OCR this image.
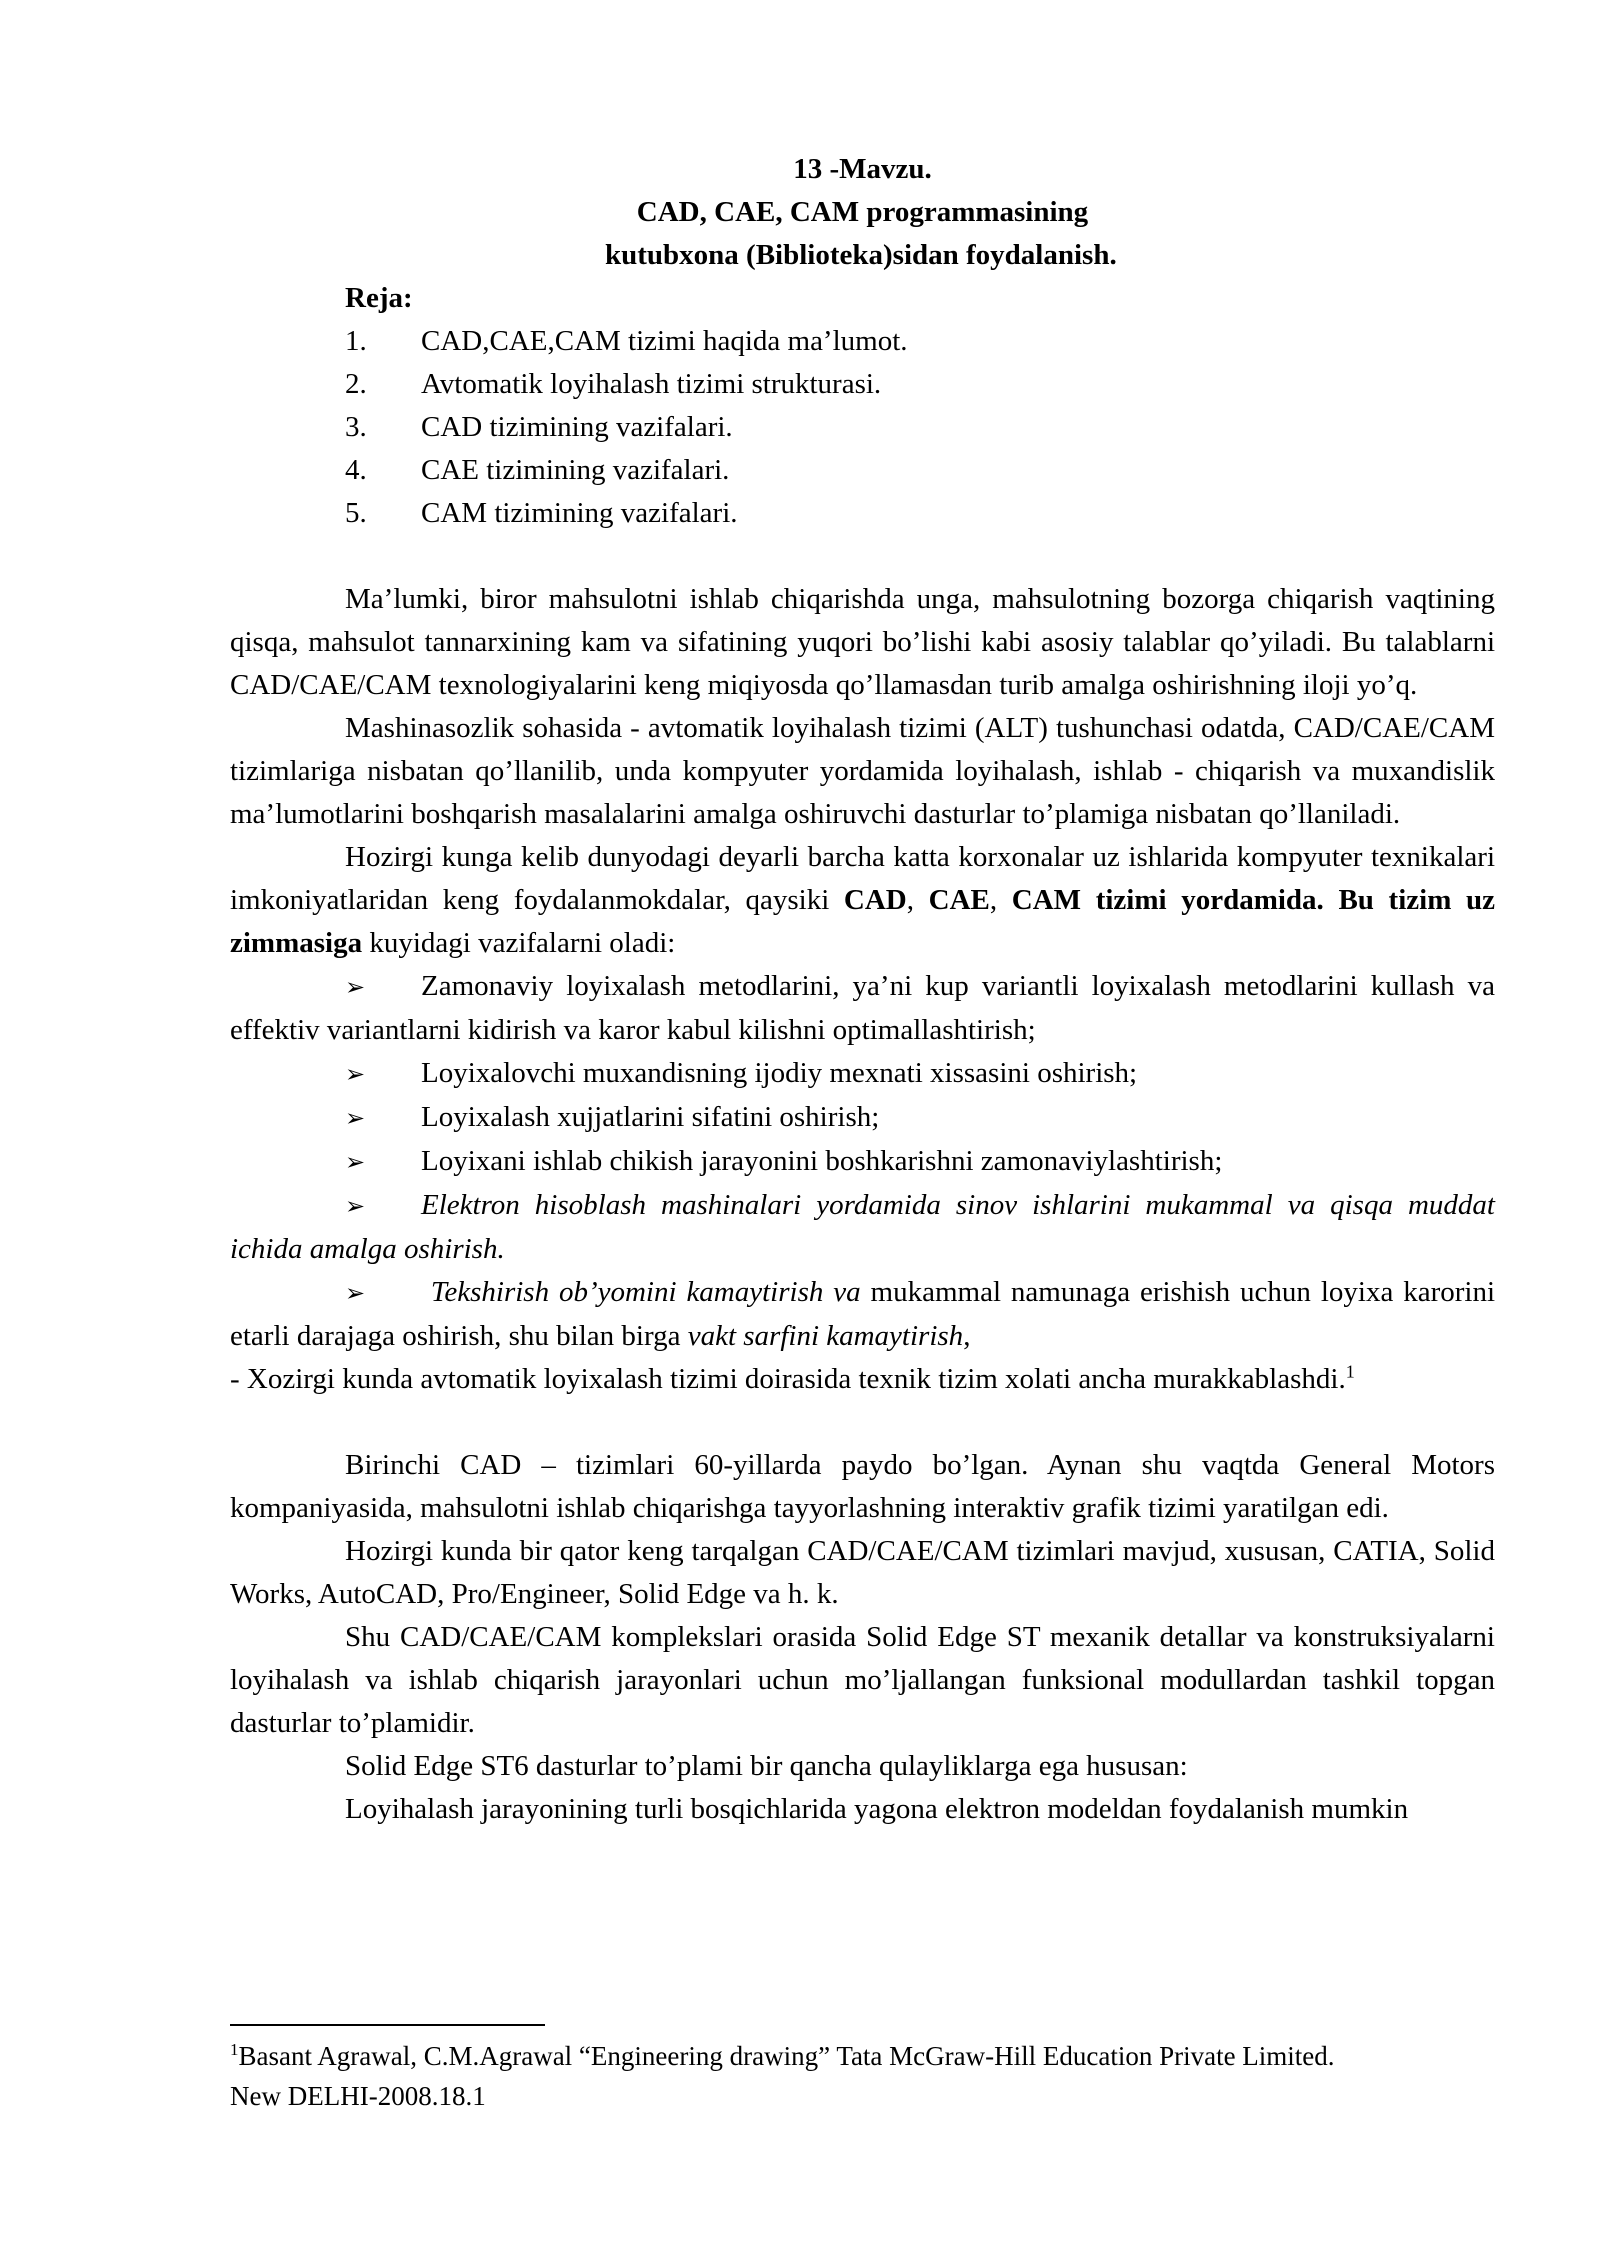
13 -Mavzu.
CAD, CAE, CAM programmasining
kutubxona (Biblioteka)sidan foydalanish.

Reja:

1.	CAD,CAE,CAM tizimi haqida ma’lumot.
2.	Avtomatik loyihalash tizimi strukturasi.
3.	CAD tizimining vazifalari.
4.	CAE tizimining vazifalari.
5.	CAM tizimining vazifalari.

Ma’lumki, biror mahsulotni ishlab chiqarishda unga, mahsulotning bozorga chiqarish vaqtining qisqa, mahsulot tannarxining kam va sifatining yuqori bo’lishi kabi asosiy talablar qo’yiladi. Bu talablarni CAD/CAE/CAM texnologiyalarini keng miqiyosda qo’llamasdan turib amalga oshirishning iloji yo’q.

Mashinasozlik sohasida - avtomatik loyihalash tizimi (ALT) tushunchasi odatda, CAD/CAE/CAM tizimlariga nisbatan qo’llanilib, unda kompyuter yordamida loyihalash, ishlab - chiqarish va muxandislik ma’lumotlarini boshqarish masalalarini amalga oshiruvchi dasturlar to’plamiga nisbatan qo’llaniladi.

Hozirgi kunga kelib dunyodagi deyarli barcha katta korxonalar uz ishlarida kompyuter texnikalari imkoniyatlaridan keng foydalanmokdalar, qaysiki CAD, CAE, CAM tizimi yordamida. Bu tizim uz zimmasiga kuyidagi vazifalarni oladi:

➢ Zamonaviy loyixalash metodlarini, ya’ni kup variantli loyixalash metodlarini kullash va effektiv variantlarni kidirish va karor kabul kilishni optimallashtirish;

➢ Loyixalovchi muxandisning ijodiy mexnati xissasini oshirish;

➢ Loyixalash xujjatlarini sifatini oshirish;

➢ Loyixani ishlab chikish jarayonini boshkarishni zamonaviylashtirish;

➢ Elektron hisoblash mashinalari yordamida sinov ishlarini mukammal va qisqa muddat ichida amalga oshirish.

➢ Tekshirish ob’yomini kamaytirish va mukammal namunaga erishish uchun loyixa karorini etarli darajaga oshirish, shu bilan birga vakt sarfini kamaytirish,

- Xozirgi kunda avtomatik loyixalash tizimi doirasida texnik tizim xolati ancha murakkablashdi.$^1$

Birinchi CAD – tizimlari 60-yillarda paydo bo’lgan. Aynan shu vaqtda General Motors kompaniyasida, mahsulotni ishlab chiqarishga tayyorlashning interaktiv grafik tizimi yaratilgan edi.

Hozirgi kunda bir qator keng tarqalgan CAD/CAE/CAM tizimlari mavjud, xususan, CATIA, Solid Works, AutoCAD, Pro/Engineer, Solid Edge va h. k.

Shu CAD/CAE/CAM komplekslari orasida Solid Edge ST mexanik detallar va konstruksiyalarni loyihalash va ishlab chiqarish jarayonlari uchun mo’ljallangan funksional modullardan tashkil topgan dasturlar to’plamidir.

Solid Edge ST6 dasturlar to’plami bir qancha qulayliklarga ega hususan:

Loyihalash jarayonining turli bosqichlarida yagona elektron modeldan foydalanish mumkin

$^1$Basant Agrawal, C.M.Agrawal “Engineering drawing” Tata McGraw-Hill Education Private Limited.
New DELHI-2008.18.1
